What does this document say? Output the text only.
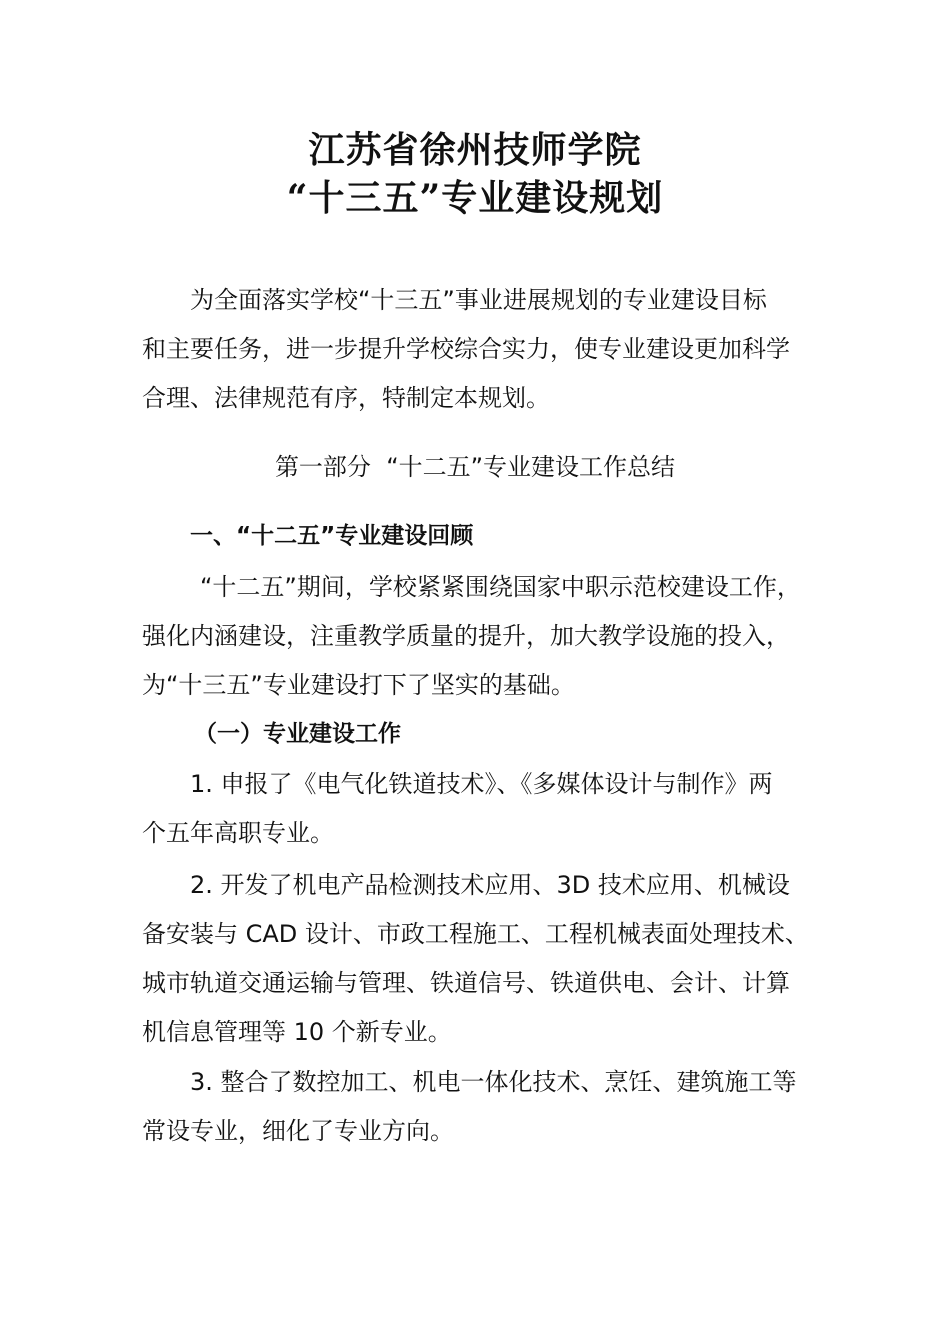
江苏省徐州技师学院
“十三五”专业建设规划
为全面落实学校“十三五”事业进展规划的专业建设目标
和主要任务，进一步提升学校综合实力，使专业建设更加科学
合理、法律规范有序，特制定本规划。
第一部分  “十二五”专业建设工作总结
一、“十二五”专业建设回顾
“十二五”期间，学校紧紧围绕国家中职示范校建设工作，
强化内涵建设，注重教学质量的提升，加大教学设施的投入，
为“十三五”专业建设打下了坚实的基础。
（一）专业建设工作
1. 申报了《电气化铁道技术》、《多媒体设计与制作》两
个五年高职专业。
2. 开发了机电产品检测技术应用、3D 技术应用、机械设
备安装与 CAD 设计、市政工程施工、工程机械表面处理技术、
城市轨道交通运输与管理、铁道信号、铁道供电、会计、计算
机信息管理等 10 个新专业。
3. 整合了数控加工、机电一体化技术、烹饪、建筑施工等
常设专业，细化了专业方向。
